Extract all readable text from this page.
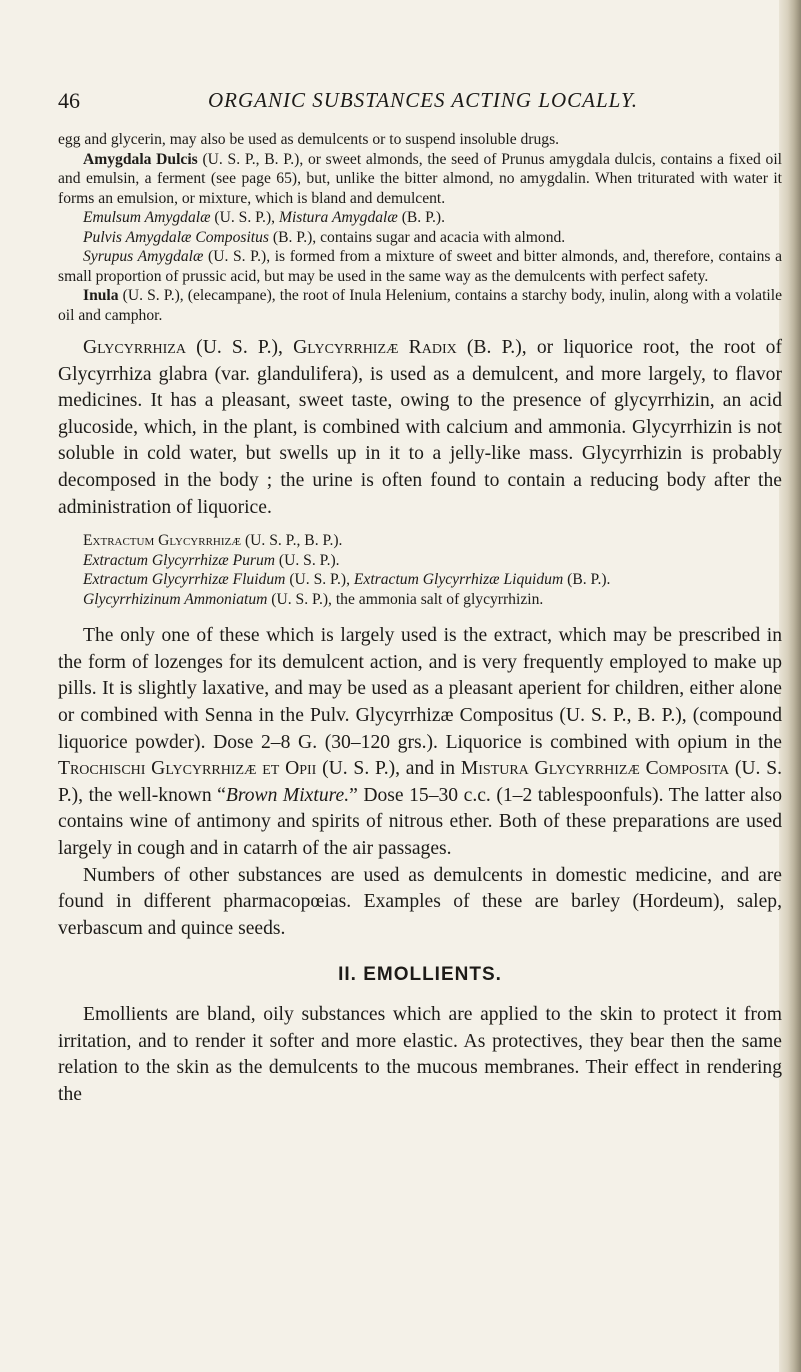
46	ORGANIC SUBSTANCES ACTING LOCALLY.

egg and glycerin, may also be used as demulcents or to suspend insoluble drugs.

Amygdala Dulcis (U. S. P., B. P.), or sweet almonds, the seed of Prunus amygdala dulcis, contains a fixed oil and emulsin, a ferment (see page 65), but, unlike the bitter almond, no amygdalin. When triturated with water it forms an emulsion, or mixture, which is bland and demulcent.

Emulsum Amygdalæ (U. S. P.), Mistura Amygdalæ (B. P.).

Pulvis Amygdalæ Compositus (B. P.), contains sugar and acacia with almond.

Syrupus Amygdalæ (U. S. P.), is formed from a mixture of sweet and bitter almonds, and, therefore, contains a small proportion of prussic acid, but may be used in the same way as the demulcents with perfect safety.

Inula (U. S. P.), (elecampane), the root of Inula Helenium, contains a starchy body, inulin, along with a volatile oil and camphor.

Glycyrrhiza (U. S. P.), Glycyrrhizæ Radix (B. P.), or liquorice root, the root of Glycyrrhiza glabra (var. glandulifera), is used as a demulcent, and more largely, to flavor medicines. It has a pleasant, sweet taste, owing to the presence of glycyrrhizin, an acid glucoside, which, in the plant, is combined with calcium and ammonia. Glycyrrhizin is not soluble in cold water, but swells up in it to a jelly-like mass. Glycyrrhizin is probably decomposed in the body ; the urine is often found to contain a reducing body after the administration of liquorice.

Extractum Glycyrrhizæ (U. S. P., B. P.).

Extractum Glycyrrhizæ Purum (U. S. P.).

Extractum Glycyrrhizæ Fluidum (U. S. P.), Extractum Glycyrrhizæ Liquidum (B. P.).

Glycyrrhizinum Ammoniatum (U. S. P.), the ammonia salt of glycyrrhizin.

The only one of these which is largely used is the extract, which may be prescribed in the form of lozenges for its demulcent action, and is very frequently employed to make up pills. It is slightly laxative, and may be used as a pleasant aperient for children, either alone or combined with Senna in the Pulv. Glycyrrhizæ Compositus (U. S. P., B. P.), (compound liquorice powder). Dose 2–8 G. (30–120 grs.). Liquorice is combined with opium in the Trochischi Glycyrrhizæ et Opii (U. S. P.), and in Mistura Glycyrrhizæ Composita (U. S. P.), the well-known “Brown Mixture.” Dose 15–30 c.c. (1–2 tablespoonfuls). The latter also contains wine of antimony and spirits of nitrous ether. Both of these preparations are used largely in cough and in catarrh of the air passages.

Numbers of other substances are used as demulcents in domestic medicine, and are found in different pharmacopœias. Examples of these are barley (Hordeum), salep, verbascum and quince seeds.

II. EMOLLIENTS.

Emollients are bland, oily substances which are applied to the skin to protect it from irritation, and to render it softer and more elastic. As protectives, they bear then the same relation to the skin as the demulcents to the mucous membranes. Their effect in rendering the
